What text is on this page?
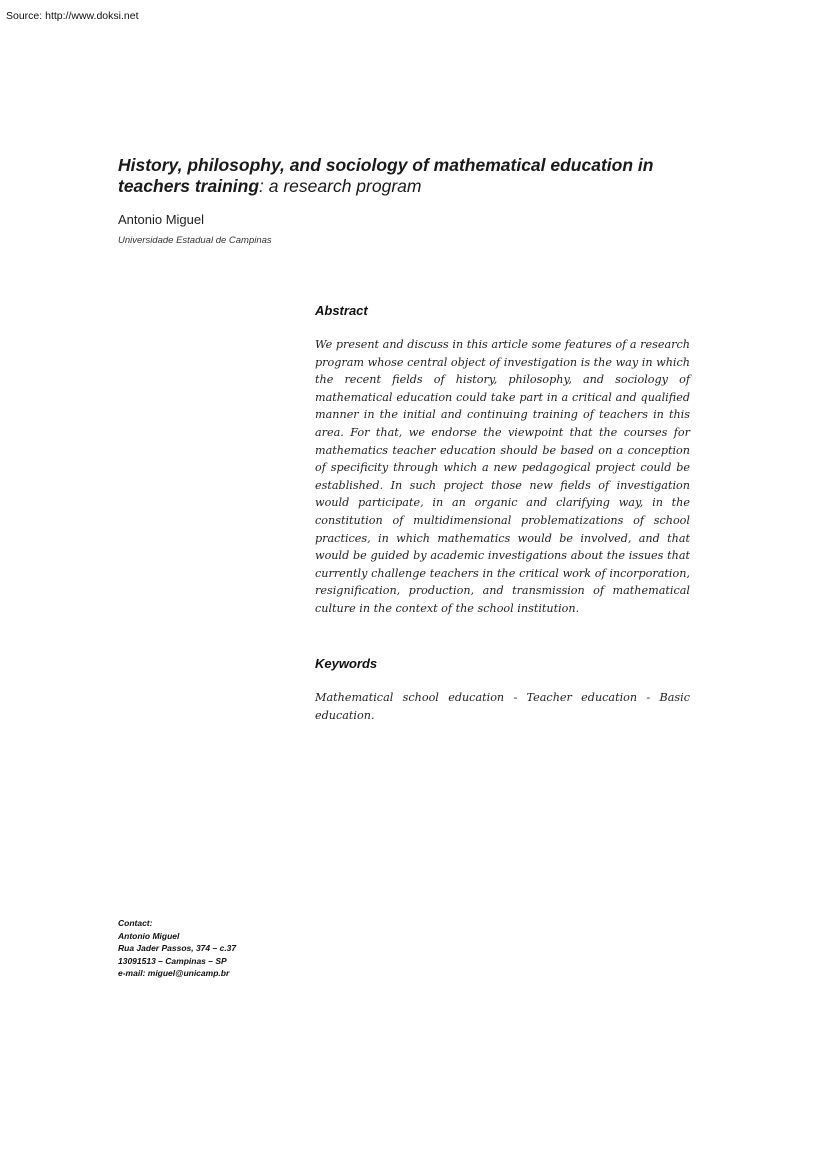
Source: http://www.doksi.net
History, philosophy, and sociology of mathematical education in teachers training: a research program
Antonio Miguel
Universidade Estadual de Campinas
Abstract

We present and discuss in this article some features of a research program whose central object of investigation is the way in which the recent fields of history, philosophy, and sociology of mathematical education could take part in a critical and qualified manner in the initial and continuing training of teachers in this area. For that, we endorse the viewpoint that the courses for mathematics teacher education should be based on a conception of specificity through which a new pedagogical project could be established. In such project those new fields of investigation would participate, in an organic and clarifying way, in the constitution of multidimensional problematizations of school practices, in which mathematics would be involved, and that would be guided by academic investigations about the issues that currently challenge teachers in the critical work of incorporation, resignification, production, and transmission of mathematical culture in the context of the school institution.

Keywords

Mathematical school education - Teacher education - Basic education.

Contact:
Antonio Miguel
Rua Jader Passos, 374 – c.37
13091513 – Campinas – SP
e-mail: miguel@unicamp.br
